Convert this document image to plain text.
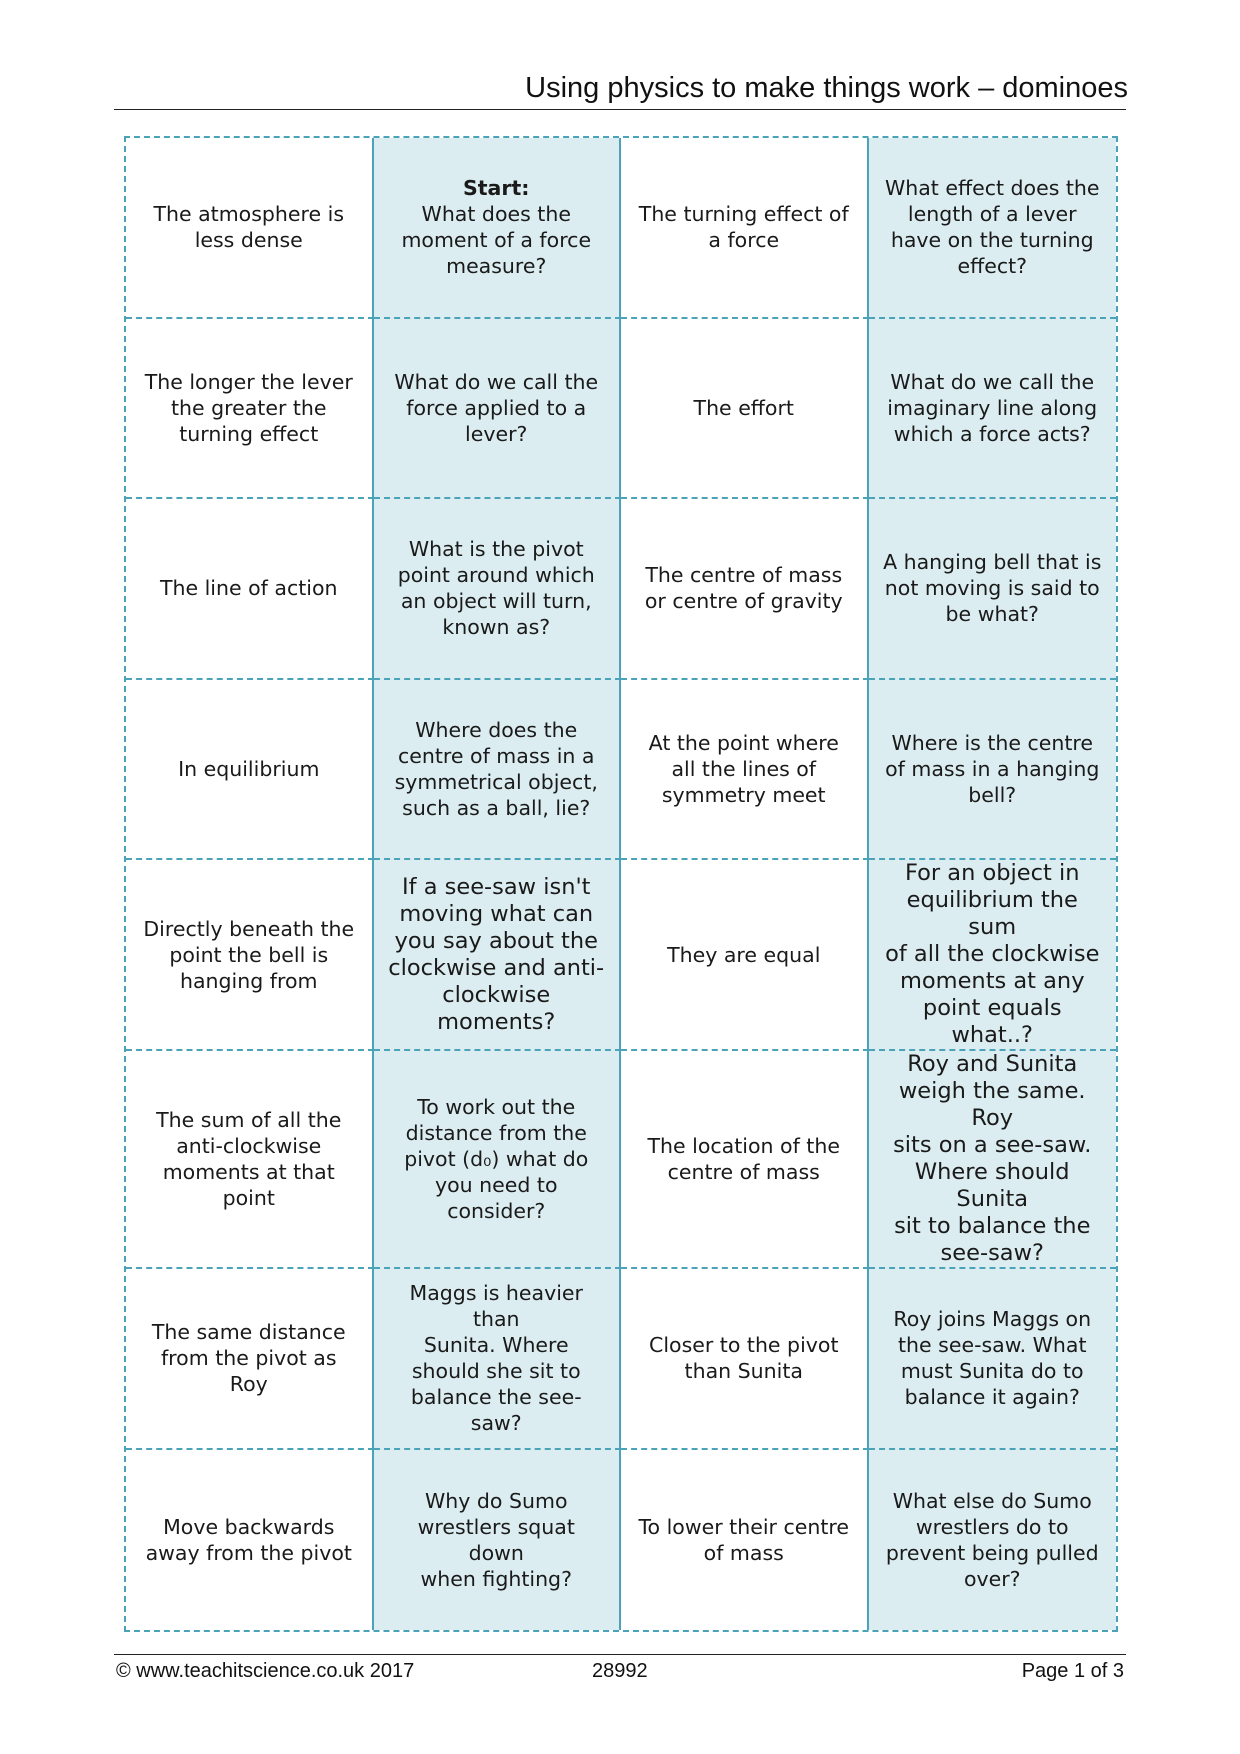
Using physics to make things work – dominoes
The atmosphere is
less dense
Start:
What does the
moment of a force
measure?
The turning effect of
a force
What effect does the
length of a lever
have on the turning
effect?
The longer the lever
the greater the
turning effect
What do we call the
force applied to a
lever?
The effort
What do we call the
imaginary line along
which a force acts?
The line of action
What is the pivot
point around which
an object will turn,
known as?
The centre of mass
or centre of gravity
A hanging bell that is
not moving is said to
be what?
In equilibrium
Where does the
centre of mass in a
symmetrical object,
such as a ball, lie?
At the point where
all the lines of
symmetry meet
Where is the centre
of mass in a hanging
bell?
Directly beneath the
point the bell is
hanging from
If a see-saw isn't
moving what can
you say about the
clockwise and anti-
clockwise moments?
They are equal
For an object in
equilibrium the sum
of all the clockwise
moments at any
point equals what..?
The sum of all the
anti-clockwise
moments at that
point
To work out the
distance from the
pivot (d₀) what do
you need to consider?
The location of the
centre of mass
Roy and Sunita
weigh the same. Roy
sits on a see-saw.
Where should Sunita
sit to balance the
see-saw?
The same distance
from the pivot as Roy
Maggs is heavier than
Sunita. Where
should she sit to
balance the see-saw?
Closer to the pivot
than Sunita
Roy joins Maggs on
the see-saw. What
must Sunita do to
balance it again?
Move backwards
away from the pivot
Why do Sumo
wrestlers squat down
when fighting?
To lower their centre
of mass
What else do Sumo
wrestlers do to
prevent being pulled
over?
© www.teachitscience.co.uk 2017	28992	Page 1 of 3
